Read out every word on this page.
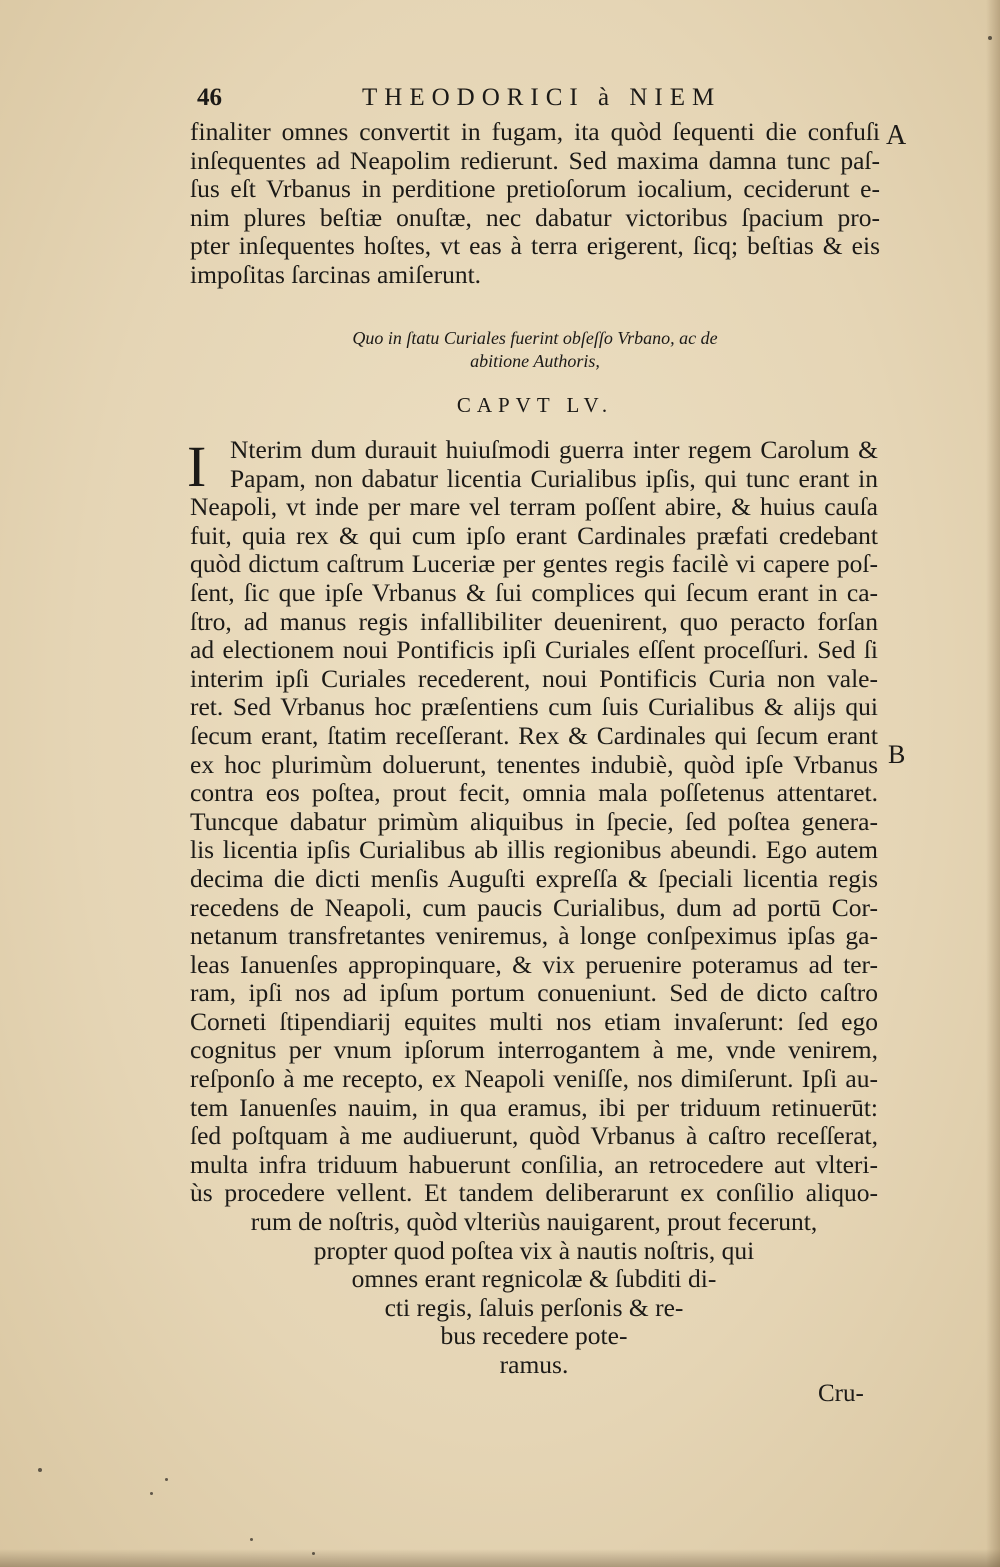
46	THEODORICI à NIEM
A
B
finaliter omnes convertit in fugam, ita quòd ſequenti die confuſi
inſequentes ad Neapolim redierunt. Sed maxima damna tunc paſ-
ſus eſt Vrbanus in perditione pretioſorum iocalium, ceciderunt e-
nim plures beſtiæ onuſtæ, nec dabatur victoribus ſpacium pro-
pter inſequentes hoſtes, vt eas à terra erigerent, ſicq; beſtias & eis
impoſitas ſarcinas amiſerunt.
Quo in ſtatu Curiales fuerint obſeſſo Vrbano, ac de
abitione Authoris,
CAPVT LV.
I Nterim dum durauit huiuſmodi guerra inter regem Carolum &
Papam, non dabatur licentia Curialibus ipſis, qui tunc erant in
Neapoli, vt inde per mare vel terram poſſent abire, & huius cauſa
fuit, quia rex & qui cum ipſo erant Cardinales præfati credebant
quòd dictum caſtrum Luceriæ per gentes regis facilè vi capere poſ-
ſent, ſic que ipſe Vrbanus & ſui complices qui ſecum erant in ca-
ſtro, ad manus regis infallibiliter deuenirent, quo peracto forſan
ad electionem noui Pontificis ipſi Curiales eſſent proceſſuri. Sed ſi
interim ipſi Curiales recederent, noui Pontificis Curia non vale-
ret. Sed Vrbanus hoc præſentiens cum ſuis Curialibus & alijs qui
ſecum erant, ſtatim receſſerant. Rex & Cardinales qui ſecum erant
ex hoc plurimùm doluerunt, tenentes indubiè, quòd ipſe Vrbanus
contra eos poſtea, prout fecit, omnia mala poſſetenus attentaret.
Tuncque dabatur primùm aliquibus in ſpecie, ſed poſtea genera-
lis licentia ipſis Curialibus ab illis regionibus abeundi. Ego autem
decima die dicti menſis Auguſti expreſſa & ſpeciali licentia regis
recedens de Neapoli, cum paucis Curialibus, dum ad portū Cor-
netanum transfretantes veniremus, à longe conſpeximus ipſas ga-
leas Ianuenſes appropinquare, & vix peruenire poteramus ad ter-
ram, ipſi nos ad ipſum portum conueniunt. Sed de dicto caſtro
Corneti ſtipendiarij equites multi nos etiam invaſerunt: ſed ego
cognitus per vnum ipſorum interrogantem à me, vnde venirem,
reſponſo à me recepto, ex Neapoli veniſſe, nos dimiſerunt. Ipſi au-
tem Ianuenſes nauim, in qua eramus, ibi per triduum retinuerūt:
ſed poſtquam à me audiuerunt, quòd Vrbanus à caſtro receſſerat,
multa infra triduum habuerunt conſilia, an retrocedere aut vlteri-
ùs procedere vellent. Et tandem deliberarunt ex conſilio aliquo-
rum de noſtris, quòd vlteriùs nauigarent, prout fecerunt,
propter quod poſtea vix à nautis noſtris, qui
omnes erant regnicolæ & ſubditi di-
cti regis, ſaluis perſonis & re-
bus recedere pote-
ramus.
Cru-
